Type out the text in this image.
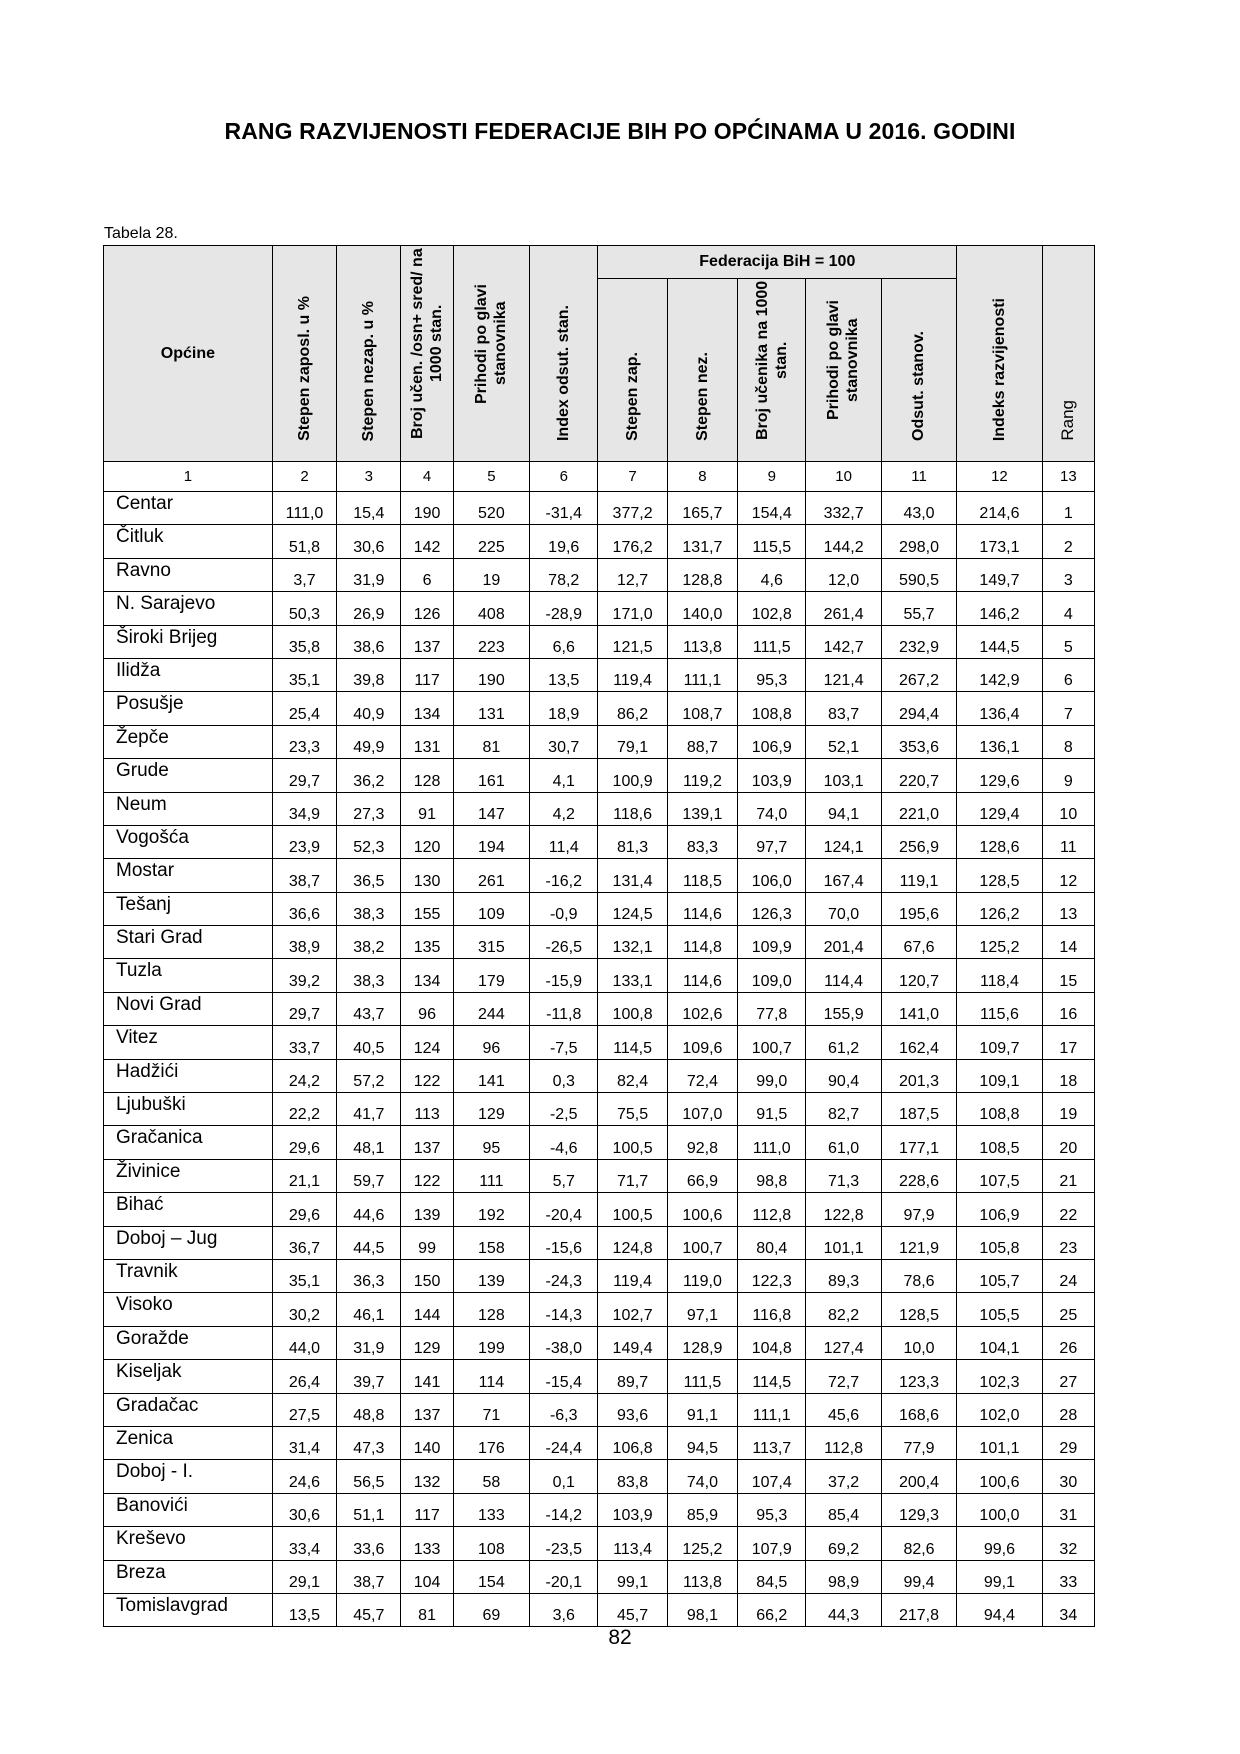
RANG RAZVIJENOSTI FEDERACIJE BIH PO OPĆINAMA U 2016. GODINI
Tabela 28.
Općine	Stepen zaposl. u %	Stepen nezap. u %	Broj učen. /osn+ sred/ na 1000 stan.	Prihodi po glavi stanovnika	Index odsut. stan.	Federacija BiH = 100					Indeks razvijenosti	Rang

						Stepen zap.	Stepen nez.	Broj učenika na 1000 stan.	Prihodi po glavi stanovnika	Odsut. stanov.		

1	2	3	4	5	6	7	8	9	10	11	12	13
Centar	111,0	15,4	190	520	-31,4	377,2	165,7	154,4	332,7	43,0	214,6	1
Čitluk	51,8	30,6	142	225	19,6	176,2	131,7	115,5	144,2	298,0	173,1	2
Ravno	3,7	31,9	6	19	78,2	12,7	128,8	4,6	12,0	590,5	149,7	3
N. Sarajevo	50,3	26,9	126	408	-28,9	171,0	140,0	102,8	261,4	55,7	146,2	4
Široki Brijeg	35,8	38,6	137	223	6,6	121,5	113,8	111,5	142,7	232,9	144,5	5
Ilidža	35,1	39,8	117	190	13,5	119,4	111,1	95,3	121,4	267,2	142,9	6
Posušje	25,4	40,9	134	131	18,9	86,2	108,7	108,8	83,7	294,4	136,4	7
Žepče	23,3	49,9	131	81	30,7	79,1	88,7	106,9	52,1	353,6	136,1	8
Grude	29,7	36,2	128	161	4,1	100,9	119,2	103,9	103,1	220,7	129,6	9
Neum	34,9	27,3	91	147	4,2	118,6	139,1	74,0	94,1	221,0	129,4	10
Vogošća	23,9	52,3	120	194	11,4	81,3	83,3	97,7	124,1	256,9	128,6	11
Mostar	38,7	36,5	130	261	-16,2	131,4	118,5	106,0	167,4	119,1	128,5	12
Tešanj	36,6	38,3	155	109	-0,9	124,5	114,6	126,3	70,0	195,6	126,2	13
Stari Grad	38,9	38,2	135	315	-26,5	132,1	114,8	109,9	201,4	67,6	125,2	14
Tuzla	39,2	38,3	134	179	-15,9	133,1	114,6	109,0	114,4	120,7	118,4	15
Novi Grad	29,7	43,7	96	244	-11,8	100,8	102,6	77,8	155,9	141,0	115,6	16
Vitez	33,7	40,5	124	96	-7,5	114,5	109,6	100,7	61,2	162,4	109,7	17
Hadžići	24,2	57,2	122	141	0,3	82,4	72,4	99,0	90,4	201,3	109,1	18
Ljubuški	22,2	41,7	113	129	-2,5	75,5	107,0	91,5	82,7	187,5	108,8	19
Gračanica	29,6	48,1	137	95	-4,6	100,5	92,8	111,0	61,0	177,1	108,5	20
Živinice	21,1	59,7	122	111	5,7	71,7	66,9	98,8	71,3	228,6	107,5	21
Bihać	29,6	44,6	139	192	-20,4	100,5	100,6	112,8	122,8	97,9	106,9	22
Doboj – Jug	36,7	44,5	99	158	-15,6	124,8	100,7	80,4	101,1	121,9	105,8	23
Travnik	35,1	36,3	150	139	-24,3	119,4	119,0	122,3	89,3	78,6	105,7	24
Visoko	30,2	46,1	144	128	-14,3	102,7	97,1	116,8	82,2	128,5	105,5	25
Goražde	44,0	31,9	129	199	-38,0	149,4	128,9	104,8	127,4	10,0	104,1	26
Kiseljak	26,4	39,7	141	114	-15,4	89,7	111,5	114,5	72,7	123,3	102,3	27
Gradačac	27,5	48,8	137	71	-6,3	93,6	91,1	111,1	45,6	168,6	102,0	28
Zenica	31,4	47,3	140	176	-24,4	106,8	94,5	113,7	112,8	77,9	101,1	29
Doboj - I.	24,6	56,5	132	58	0,1	83,8	74,0	107,4	37,2	200,4	100,6	30
Banovići	30,6	51,1	117	133	-14,2	103,9	85,9	95,3	85,4	129,3	100,0	31
Kreševo	33,4	33,6	133	108	-23,5	113,4	125,2	107,9	69,2	82,6	99,6	32
Breza	29,1	38,7	104	154	-20,1	99,1	113,8	84,5	98,9	99,4	99,1	33
Tomislavgrad	13,5	45,7	81	69	3,6	45,7	98,1	66,2	44,3	217,8	94,4	34
82
